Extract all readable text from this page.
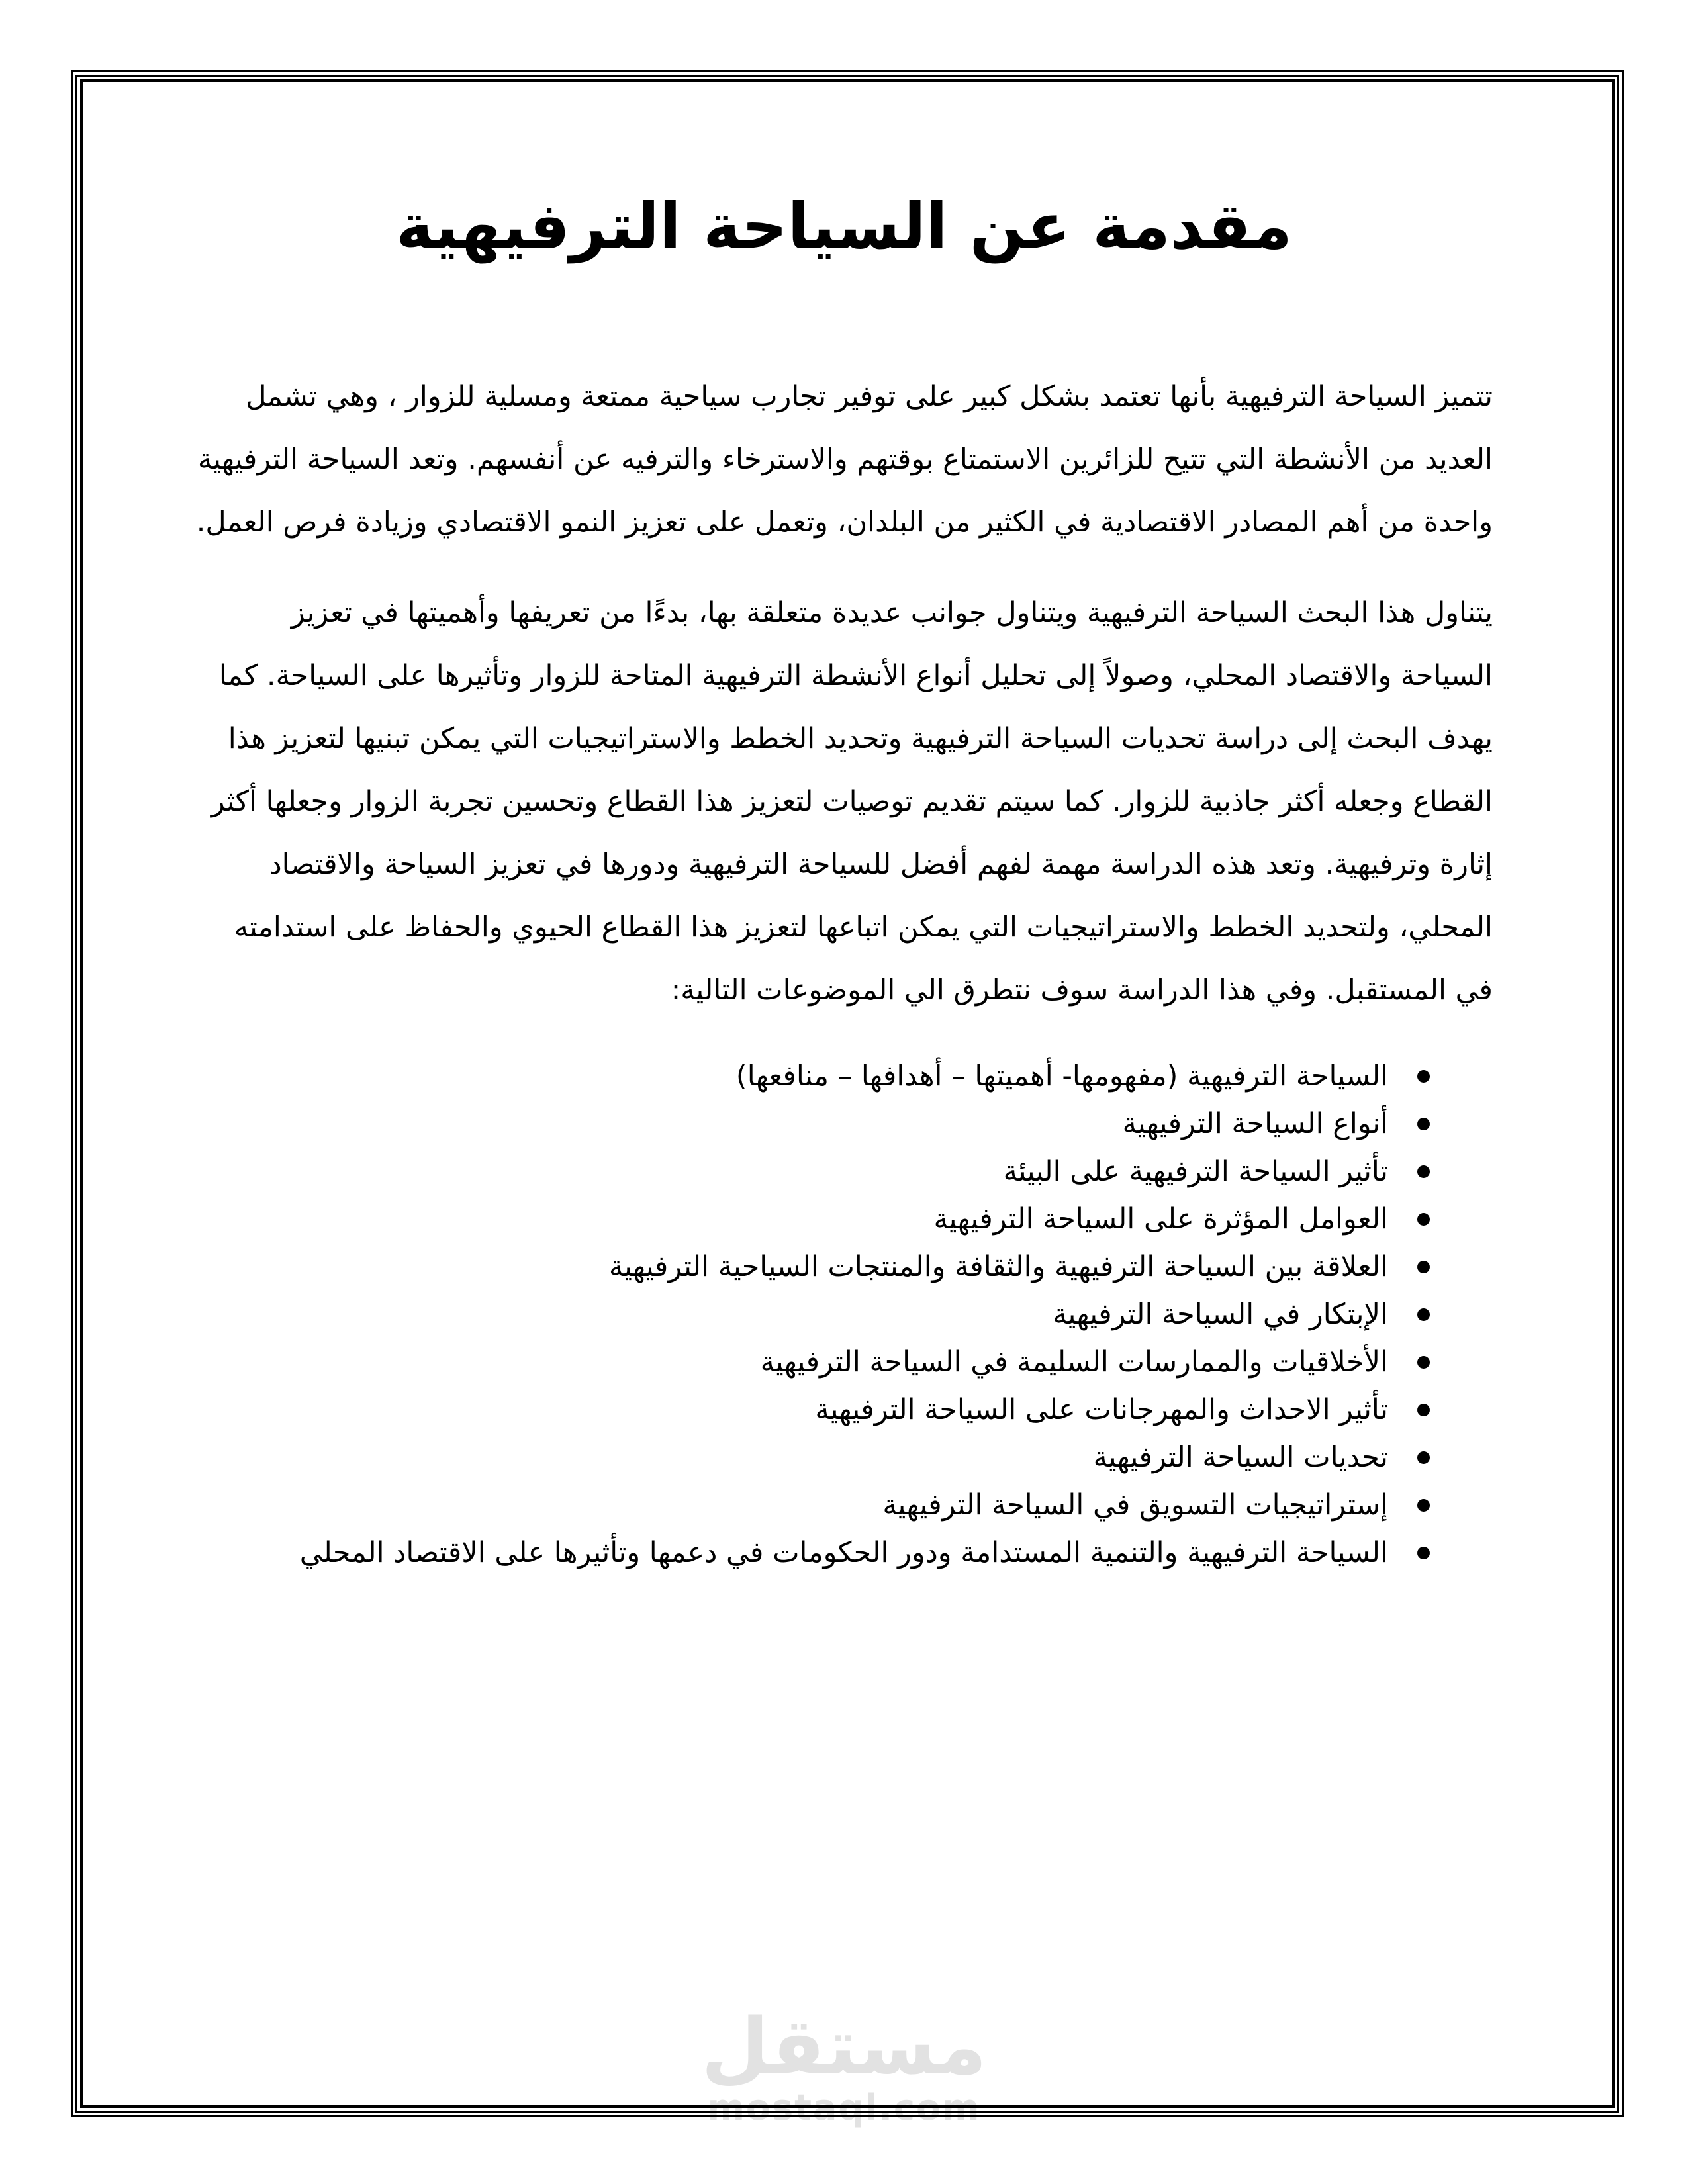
مستقل
mostaql.com
مقدمة عن السياحة الترفيهية

تتميز السياحة الترفيهية بأنها تعتمد بشكل كبير على توفير تجارب سياحية ممتعة ومسلية للزوار ، وهي تشمل العديد من الأنشطة التي تتيح للزائرين الاستمتاع بوقتهم والاسترخاء والترفيه عن أنفسهم. وتعد السياحة الترفيهية واحدة من أهم المصادر الاقتصادية في الكثير من البلدان، وتعمل على تعزيز النمو الاقتصادي وزيادة فرص العمل.

يتناول هذا البحث السياحة الترفيهية ويتناول جوانب عديدة متعلقة بها، بدءًا من تعريفها وأهميتها في تعزيز السياحة والاقتصاد المحلي، وصولاً إلى تحليل أنواع الأنشطة الترفيهية المتاحة للزوار وتأثيرها على السياحة. كما يهدف البحث إلى دراسة تحديات السياحة الترفيهية وتحديد الخطط والاستراتيجيات التي يمكن تبنيها لتعزيز هذا القطاع وجعله أكثر جاذبية للزوار. كما سيتم تقديم توصيات لتعزيز هذا القطاع وتحسين تجربة الزوار وجعلها أكثر إثارة وترفيهية. وتعد هذه الدراسة مهمة لفهم أفضل للسياحة الترفيهية ودورها في تعزيز السياحة والاقتصاد المحلي، ولتحديد الخطط والاستراتيجيات التي يمكن اتباعها لتعزيز هذا القطاع الحيوي والحفاظ على استدامته في المستقبل. وفي هذا الدراسة سوف نتطرق الي الموضوعات التالية:

السياحة الترفيهية (مفهومها- أهميتها – أهدافها – منافعها)
أنواع السياحة الترفيهية
تأثير السياحة الترفيهية على البيئة
العوامل المؤثرة على السياحة الترفيهية
العلاقة بين السياحة الترفيهية والثقافة والمنتجات السياحية الترفيهية
الإبتكار في السياحة الترفيهية
الأخلاقيات والممارسات السليمة في السياحة الترفيهية
تأثير الاحداث والمهرجانات على السياحة الترفيهية
تحديات السياحة الترفيهية
إستراتيجيات التسويق في السياحة الترفيهية
السياحة الترفيهية والتنمية المستدامة ودور الحكومات في دعمها وتأثيرها على الاقتصاد المحلي
